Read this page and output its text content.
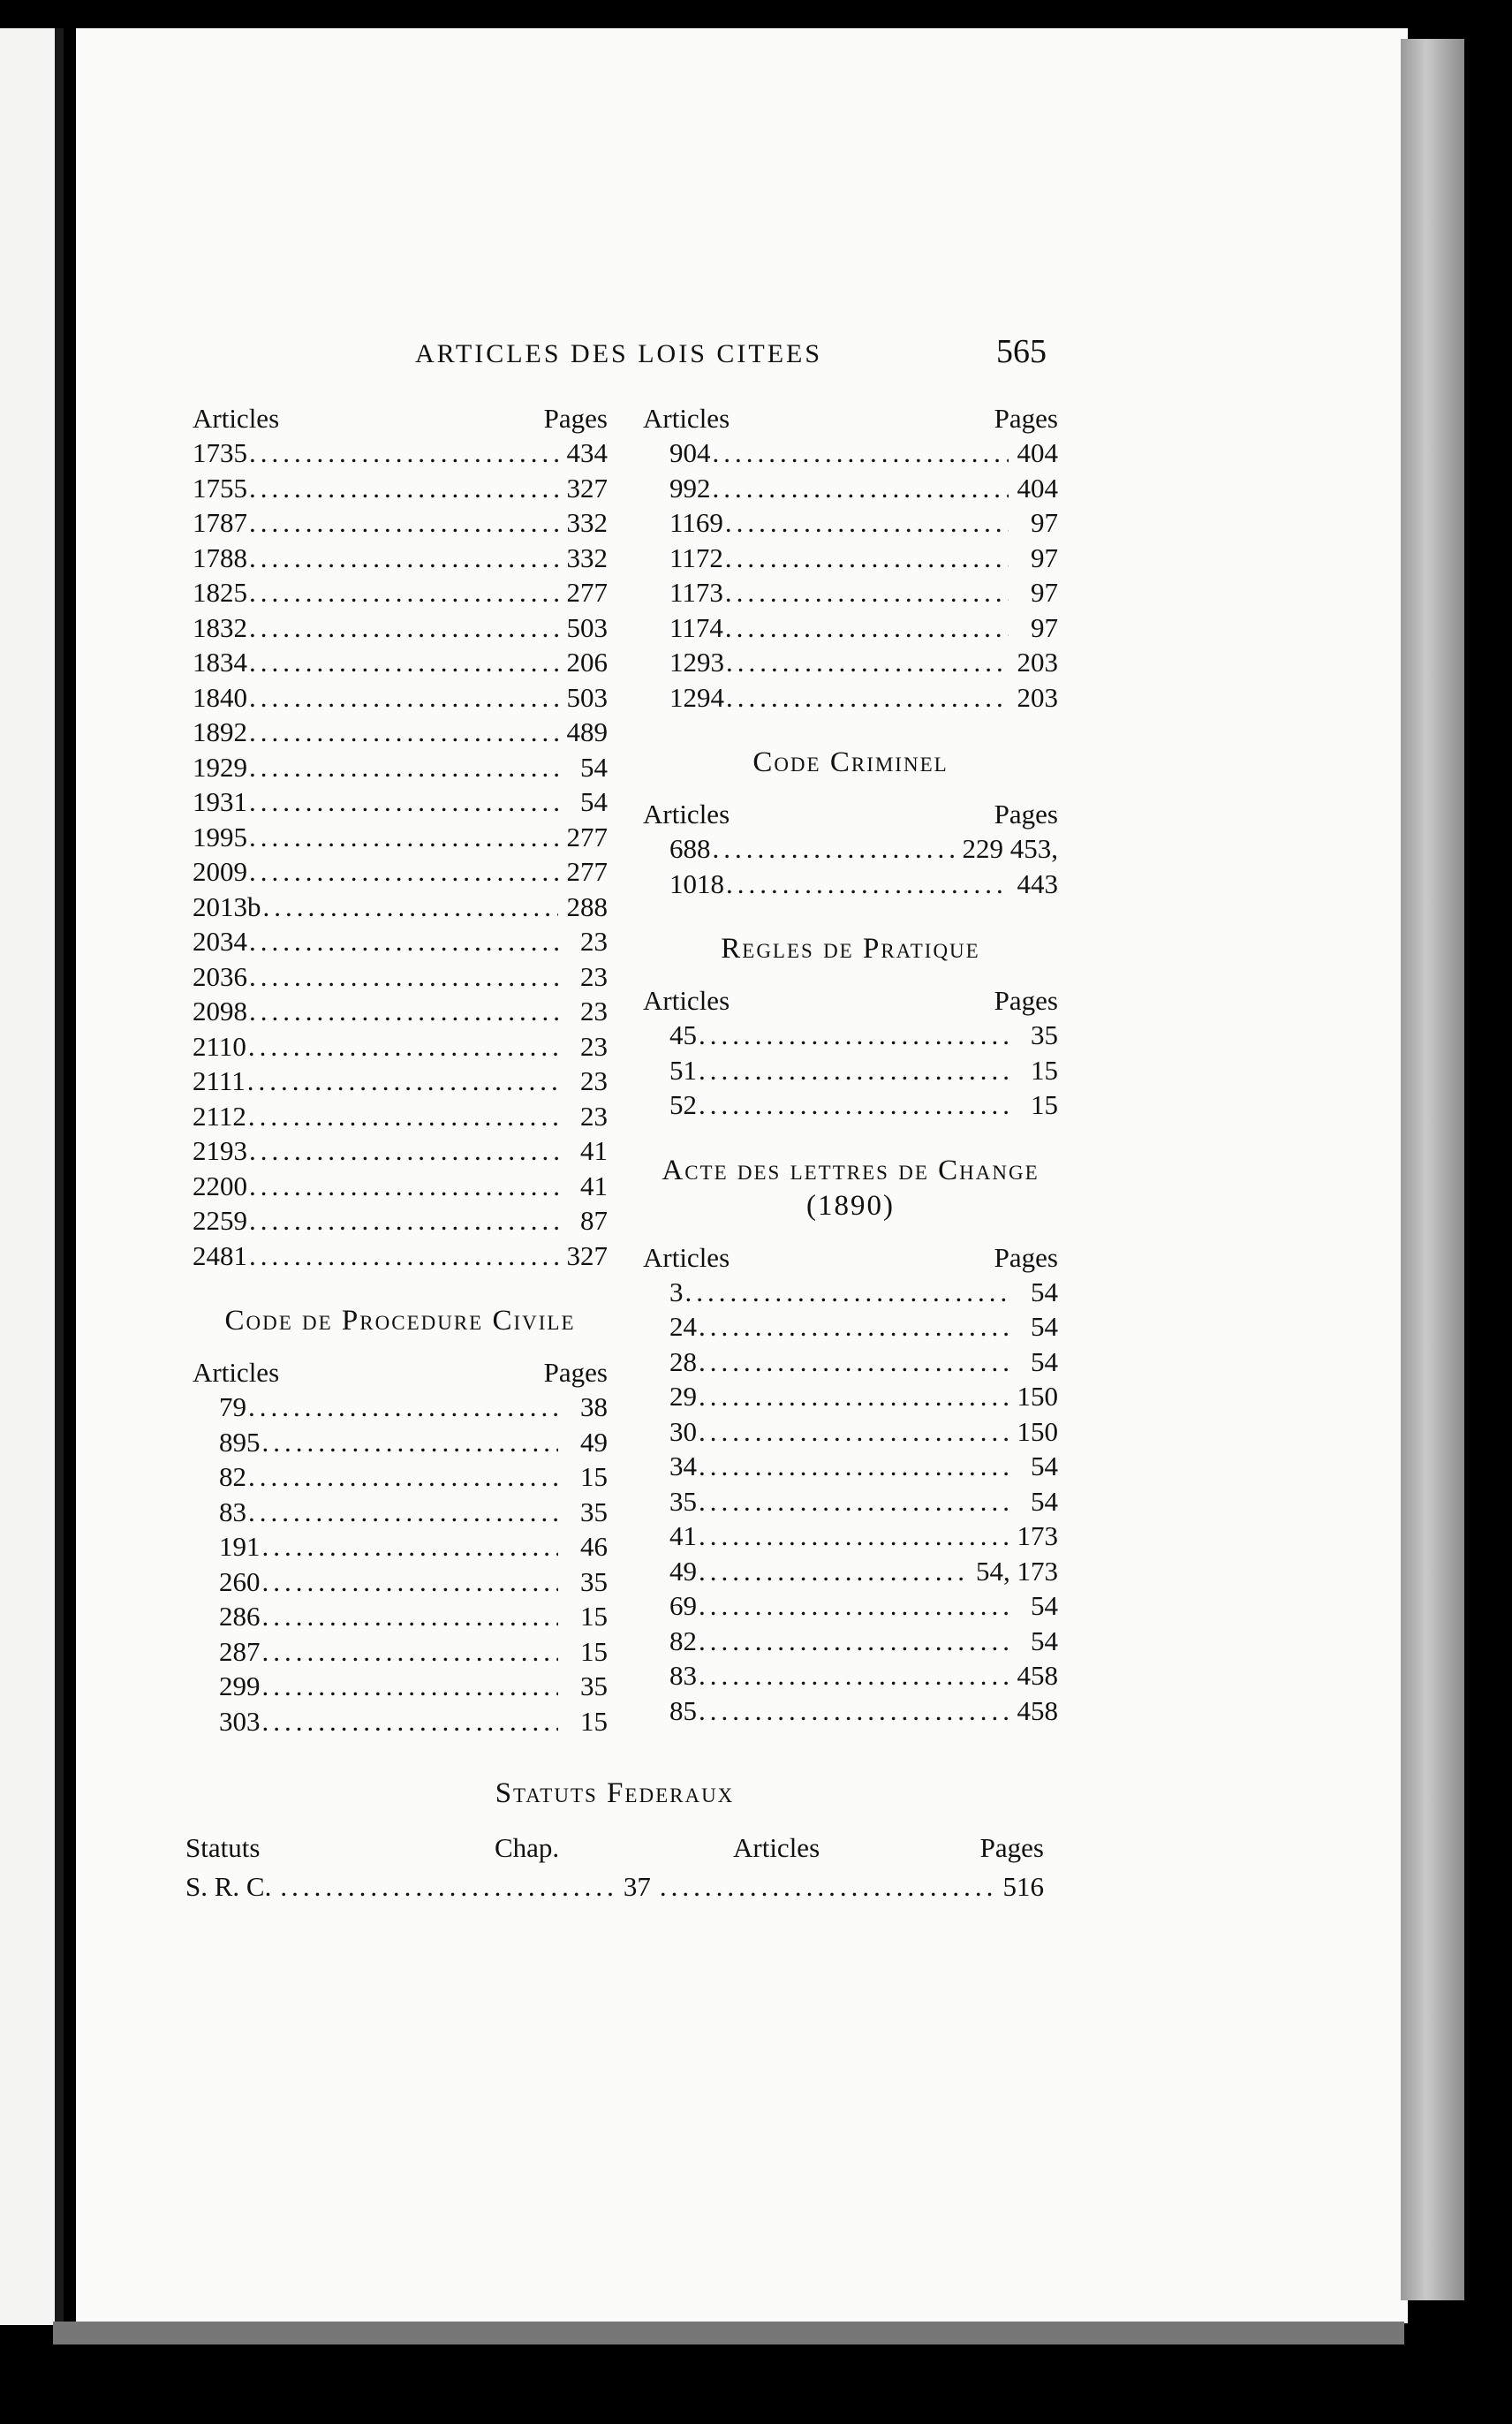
ARTICLES DES LOIS CITEES	565
Articles	Pages
1735 .....	434
1755 .....	327
1787 .....	332
1788 .....	332
1825 .....	277
1832 .....	503
1834 .....	206
1840 .....	503
1892 .....	489
1929 .....	54
1931 .....	54
1995 .....	277
2009 .....	277
2013b .....	288
2034 .....	23
2036 .....	23
2098 .....	23
2110 .....	23
2111 .....	23
2112 .....	23
2193 .....	41
2200 .....	41
2259 .....	87
2481 .....	327
Code de Procedure Civile
Articles	Pages
79 .....	38
895 .....	49
82 .....	15
83 .....	35
191 .....	46
260 .....	35
286 .....	15
287 .....	15
299 .....	35
303 .....	15
Articles	Pages
904 .....	404
992 .....	404
1169 .....	97
1172 .....	97
1173 .....	97
1174 .....	97
1293 .....	203
1294 .....	203
Code Criminel
Articles	Pages
688 .....	229 453,
1018 .....	443
Regles de Pratique
Articles	Pages
45 .....	35
51 .....	15
52 .....	15
Acte des lettres de Change
(1890)
Articles	Pages
3 .....	54
24 .....	54
28 .....	54
29 .....	150
30 .....	150
34 .....	54
35 .....	54
41 .....	173
49 .....	54, 173
69 .....	54
82 .....	54
83 .....	458
85 .....	458
Statuts Federaux
Statuts	Chap.	Articles	Pages
S. R. C. .....	37 .....	516
